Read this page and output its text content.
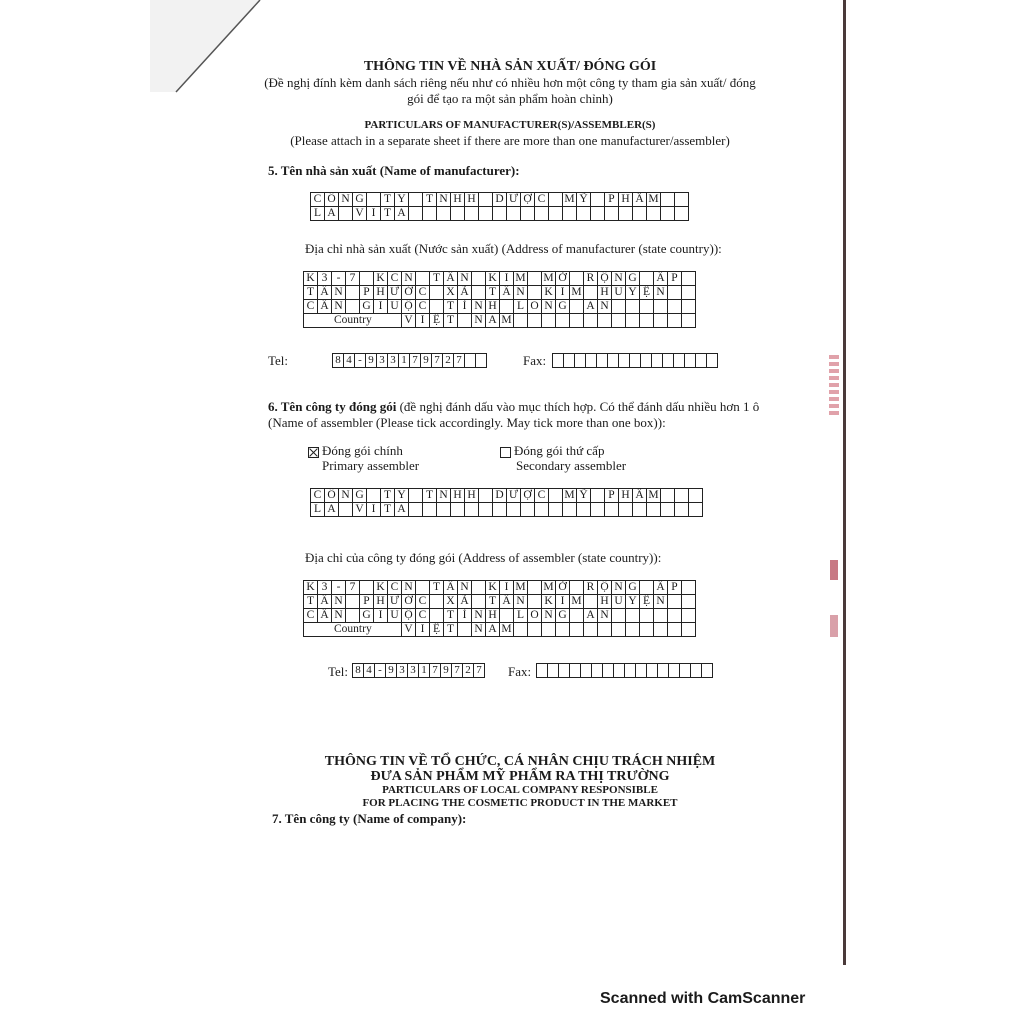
THÔNG TIN VỀ NHÀ SẢN XUẤT/ ĐÓNG GÓI
(Đề nghị đính kèm danh sách riêng nếu như có nhiều hơn một công ty tham gia sản xuất/ đóng
gói để tạo ra một sản phẩm hoàn chỉnh)
PARTICULARS OF MANUFACTURER(S)/ASSEMBLER(S)
(Please attach in a separate sheet if there are more than one manufacturer/assembler)
5. Tên nhà sản xuất (Name of manufacturer):
C	Ô	N	G		T	Y		T	N	H	H		D	Ư	Ợ	C		M	Ỹ		P	H	Ẩ	M		
L	A		V	I	T	A																				
Địa chỉ nhà sản xuất (Nước sản xuất) (Address of manufacturer (state country)):
K	3	-	7		K	C	N		T	Â	N		K	I	M		M	Ở		R	Ộ	N	G		Ấ	P	
T	Â	N		P	H	Ư	Ớ	C		X	Ã		T	Â	N		K	I	M		H	U	Y	Ệ	N		
C	Ầ	N		G	I	U	Ộ	C		T	Ỉ	N	H		L	O	N	G		A	N						
Country							V	I	Ệ	T		N	A	M													
Tel:	8	4	-	9	3	3	1	7	9	7	2	7			Fax:

6. Tên công ty đóng gói (đề nghị đánh dấu vào mục thích hợp. Có thể đánh dấu nhiều hơn 1 ô
(Name of assembler (Please tick accordingly. May tick more than one box)):
Đóng gói chính
Primary assembler
Đóng gói thứ cấp
Secondary assembler
C	Ô	N	G		T	Y		T	N	H	H		D	Ư	Ợ	C		M	Ỹ		P	H	Ẩ	M			
L	A		V	I	T	A																					
Địa chỉ của công ty đóng gói (Address of assembler (state country)):
K	3	-	7		K	C	N		T	Â	N		K	I	M		M	Ở		R	Ộ	N	G		Ấ	P	
T	Â	N		P	H	Ư	Ớ	C		X	Ã		T	Â	N		K	I	M		H	U	Y	Ệ	N		
C	Ầ	N		G	I	U	Ộ	C		T	Ỉ	N	H		L	O	N	G		A	N						
Country							V	I	Ệ	T		N	A	M													
Tel: 8	4	-	9	3	3	1	7	9	7	2	7 Fax:

THÔNG TIN VỀ TỔ CHỨC, CÁ NHÂN CHỊU TRÁCH NHIỆM
ĐƯA SẢN PHẨM MỸ PHẨM RA THỊ TRƯỜNG
PARTICULARS OF LOCAL COMPANY RESPONSIBLE
FOR PLACING THE COSMETIC PRODUCT IN THE MARKET
7. Tên công ty (Name of company):
Scanned with CamScanner
